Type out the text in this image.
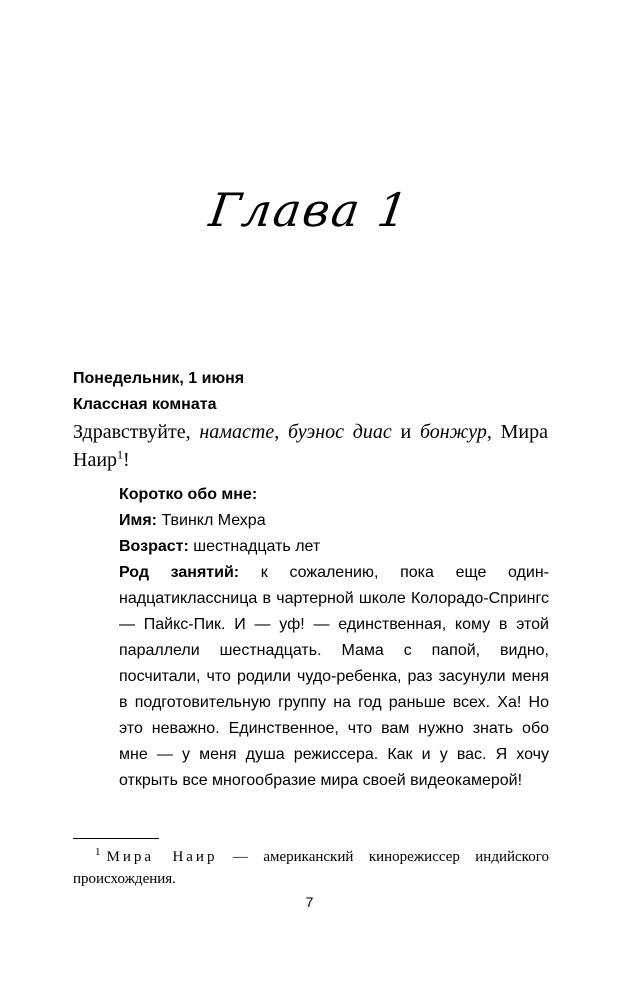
Глава 1
Понедельник, 1 июня
Классная комната

Здравствуйте, намасте, буэнос диас и бонжур, Мира Наир$^1$!

Коротко обо мне:
Имя: Твинкл Мехра
Возраст: шестнадцать лет
Род занятий: к сожалению, пока еще одиннадцатиклассница в чартерной школе Колорадо-Спрингс — Пайкс-Пик. И — уф! — единственная, кому в этой параллели шестнадцать. Мама с папой, видно, посчитали, что родили чудо-ребенка, раз засунули меня в подготовительную группу на год раньше всех. Ха! Но это неважно. Единственное, что вам нужно знать обо мне — у меня душа режиссера. Как и у вас. Я хочу открыть все многообразие мира своей видеокамерой!
$^1$ Мира Наир — американский кинорежиссер индийского происхождения.
7
